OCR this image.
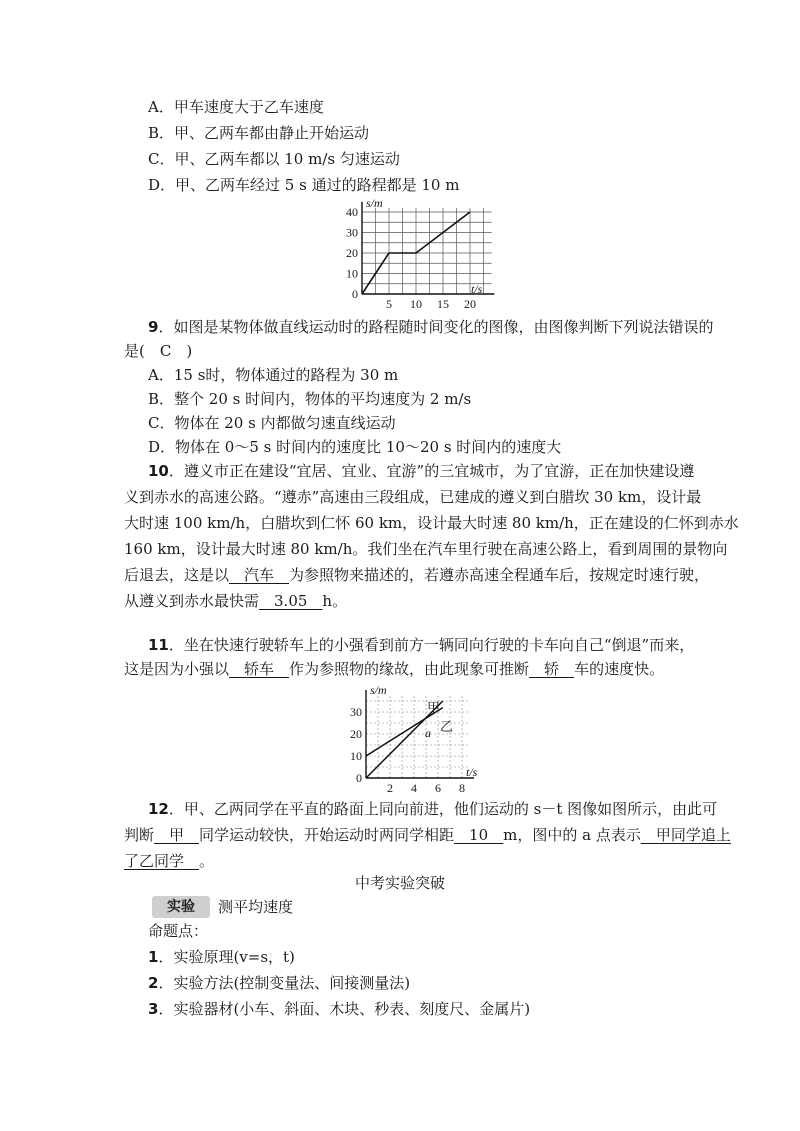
A．甲车速度大于乙车速度
B．甲、乙两车都由静止开始运动
C．甲、乙两车都以 10 m/s 匀速运动
D．甲、乙两车经过 5 s 通过的路程都是 10 m
s/m
t/s
40
30
20
10
0
5 10 15 20
9．如图是某物体做直线运动时的路程随时间变化的图像，由图像判断下列说法错误的
是(　C　)
A．15 s时，物体通过的路程为 30 m
B．整个 20 s 时间内，物体的平均速度为 2 m/s
C．物体在 20 s 内都做匀速直线运动
D．物体在 0～5 s 时间内的速度比 10～20 s 时间内的速度大
10．遵义市正在建设“宜居、宜业、宜游”的三宜城市，为了宜游，正在加快建设遵
义到赤水的高速公路。“遵赤”高速由三段组成，已建成的遵义到白腊坎 30 km，设计最
大时速 100 km/h，白腊坎到仁怀 60 km，设计最大时速 80 km/h，正在建设的仁怀到赤水
160 km，设计最大时速 80 km/h。我们坐在汽车里行驶在高速公路上，看到周围的景物向
后退去，这是以　汽车　为参照物来描述的，若遵赤高速全程通车后，按规定时速行驶，
从遵义到赤水最快需　3.05　h。
11．坐在快速行驶轿车上的小强看到前方一辆同向行驶的卡车向自己“倒退”而来，
这是因为小强以　轿车　作为参照物的缘故，由此现象可推断　轿　车的速度快。
s/m
t/s
甲
乙
a
30
20
10
0
2 4 6 8
12．甲、乙两同学在平直的路面上同向前进，他们运动的 s－t 图像如图所示，由此可
判断　甲　同学运动较快，开始运动时两同学相距　10　m，图中的 a 点表示　甲同学追上
了乙同学　。
中考实验突破
实验	测平均速度
命题点：
1．实验原理(v=s，t)
2．实验方法(控制变量法、间接测量法)
3．实验器材(小车、斜面、木块、秒表、刻度尺、金属片)
